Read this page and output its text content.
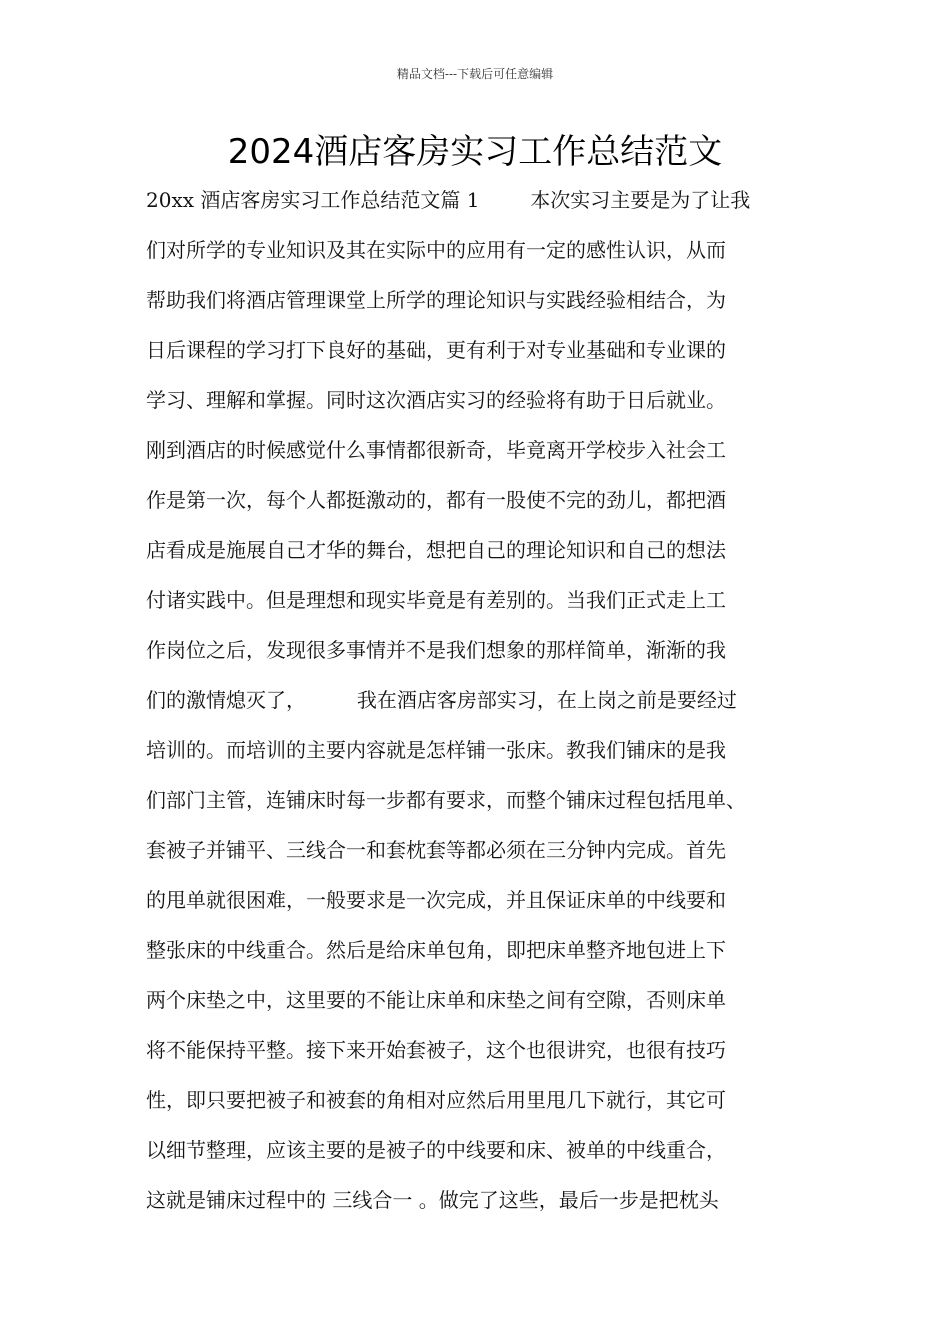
精品文档---下载后可任意编辑
2024酒店客房实习工作总结范文
20xx 酒店客房实习工作总结范文篇 1        本次实习主要是为了让我
们对所学的专业知识及其在实际中的应用有一定的感性认识，从而
帮助我们将酒店管理课堂上所学的理论知识与实践经验相结合，为
日后课程的学习打下良好的基础，更有利于对专业基础和专业课的
学习、理解和掌握。同时这次酒店实习的经验将有助于日后就业。
刚到酒店的时候感觉什么事情都很新奇，毕竟离开学校步入社会工
作是第一次，每个人都挺激动的，都有一股使不完的劲儿，都把酒
店看成是施展自己才华的舞台，想把自己的理论知识和自己的想法
付诸实践中。但是理想和现实毕竟是有差别的。当我们正式走上工
作岗位之后，发现很多事情并不是我们想象的那样简单，渐渐的我
们的激情熄灭了，        我在酒店客房部实习，在上岗之前是要经过
培训的。而培训的主要内容就是怎样铺一张床。教我们铺床的是我
们部门主管，连铺床时每一步都有要求，而整个铺床过程包括甩单、
套被子并铺平、三线合一和套枕套等都必须在三分钟内完成。首先
的甩单就很困难，一般要求是一次完成，并且保证床单的中线要和
整张床的中线重合。然后是给床单包角，即把床单整齐地包进上下
两个床垫之中，这里要的不能让床单和床垫之间有空隙，否则床单
将不能保持平整。接下来开始套被子，这个也很讲究，也很有技巧
性，即只要把被子和被套的角相对应然后用里甩几下就行，其它可
以细节整理，应该主要的是被子的中线要和床、被单的中线重合，
这就是铺床过程中的 三线合一 。做完了这些，最后一步是把枕头
